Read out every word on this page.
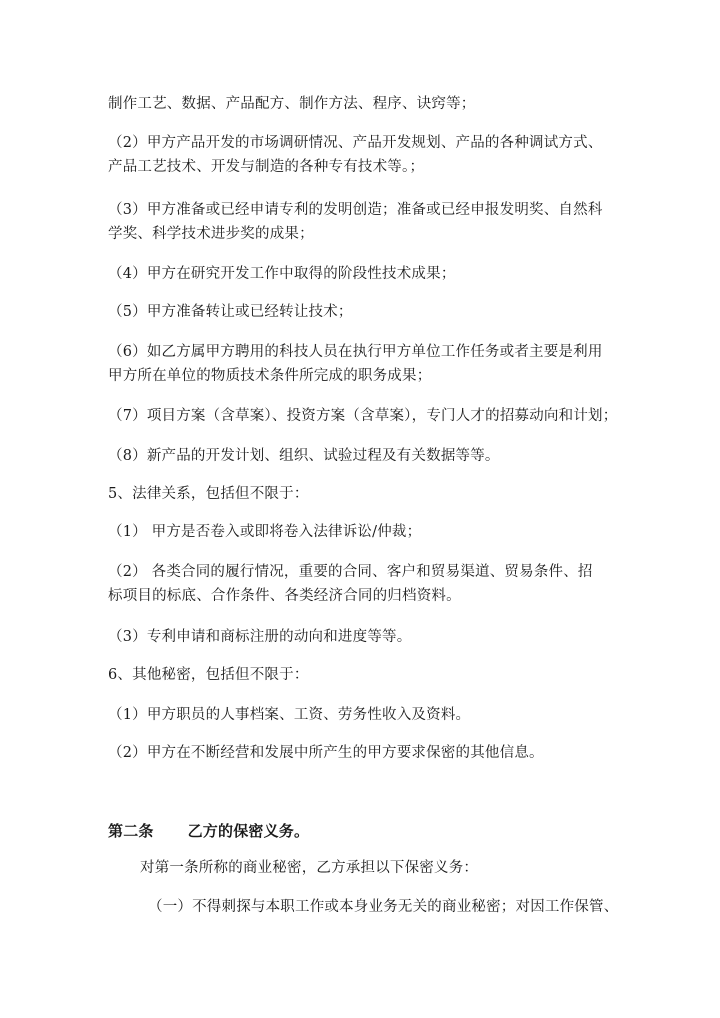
制作工艺、数据、产品配方、制作方法、程序、诀窍等；
（2）甲方产品开发的市场调研情况、产品开发规划、产品的各种调试方式、
产品工艺技术、开发与制造的各种专有技术等。；
（3）甲方准备或已经申请专利的发明创造；准备或已经申报发明奖、自然科
学奖、科学技术进步奖的成果；
（4）甲方在研究开发工作中取得的阶段性技术成果；
（5）甲方准备转让或已经转让技术；
（6）如乙方属甲方聘用的科技人员在执行甲方单位工作任务或者主要是利用
甲方所在单位的物质技术条件所完成的职务成果；
（7）项目方案（含草案）、投资方案（含草案），专门人才的招募动向和计划；
（8）新产品的开发计划、组织、试验过程及有关数据等等。
5、法律关系，包括但不限于：
（1） 甲方是否卷入或即将卷入法律诉讼/仲裁；
（2） 各类合同的履行情况，重要的合同、客户和贸易渠道、贸易条件、招
标项目的标底、合作条件、各类经济合同的归档资料。
（3）专利申请和商标注册的动向和进度等等。
6、其他秘密，包括但不限于：
（1）甲方职员的人事档案、工资、劳务性收入及资料。
（2）甲方在不断经营和发展中所产生的甲方要求保密的其他信息。
第二条 乙方的保密义务。
对第一条所称的商业秘密，乙方承担以下保密义务：
（一）不得刺探与本职工作或本身业务无关的商业秘密；对因工作保管、
